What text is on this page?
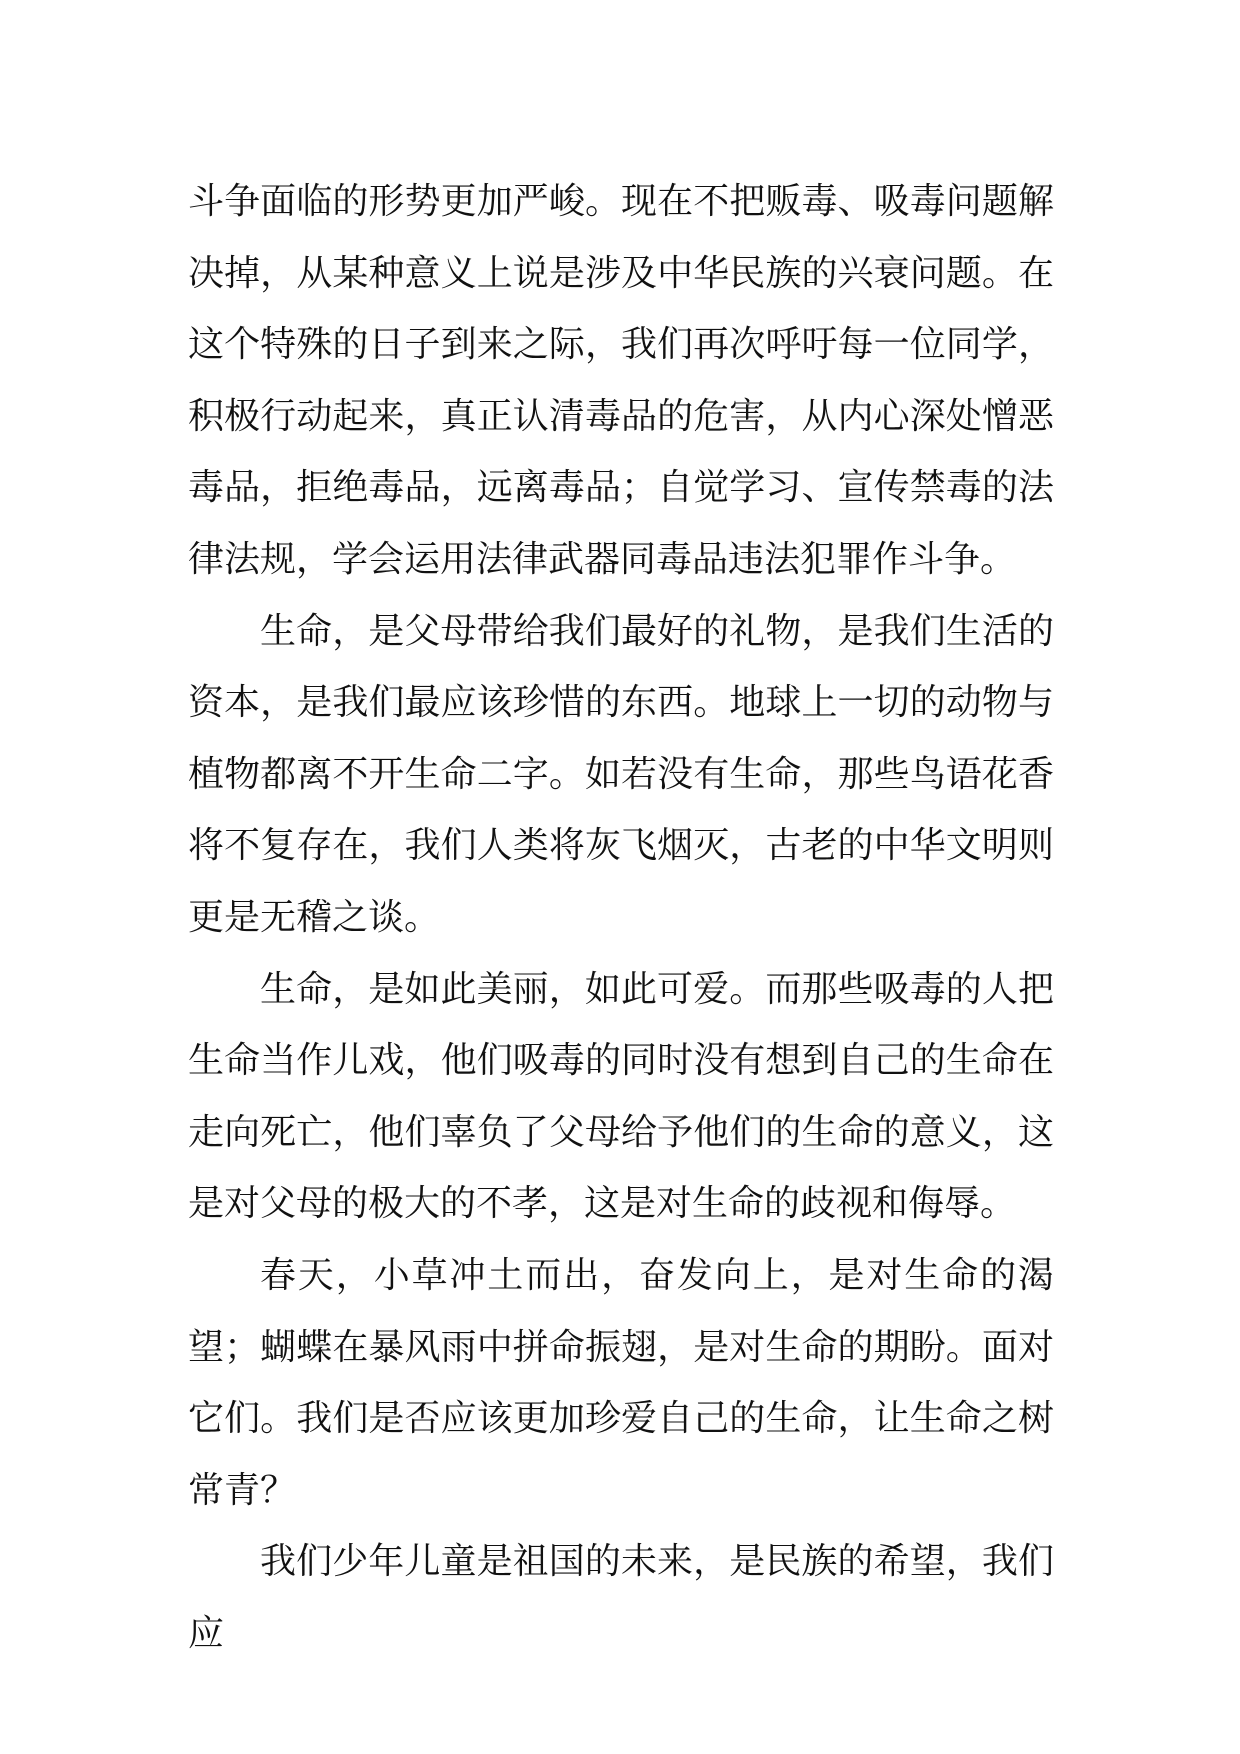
斗争面临的形势更加严峻。现在不把贩毒、吸毒问题解决掉，从某种意义上说是涉及中华民族的兴衰问题。在这个特殊的日子到来之际，我们再次呼吁每一位同学，积极行动起来，真正认清毒品的危害，从内心深处憎恶毒品，拒绝毒品，远离毒品；自觉学习、宣传禁毒的法律法规，学会运用法律武器同毒品违法犯罪作斗争。

生命，是父母带给我们最好的礼物，是我们生活的资本，是我们最应该珍惜的东西。地球上一切的动物与植物都离不开生命二字。如若没有生命，那些鸟语花香将不复存在，我们人类将灰飞烟灭，古老的中华文明则更是无稽之谈。

生命，是如此美丽，如此可爱。而那些吸毒的人把生命当作儿戏，他们吸毒的同时没有想到自己的生命在走向死亡，他们辜负了父母给予他们的生命的意义，这是对父母的极大的不孝，这是对生命的歧视和侮辱。

春天，小草冲土而出，奋发向上，是对生命的渴望；蝴蝶在暴风雨中拼命振翅，是对生命的期盼。面对它们。我们是否应该更加珍爱自己的生命，让生命之树常青？

我们少年儿童是祖国的未来，是民族的希望，我们应
